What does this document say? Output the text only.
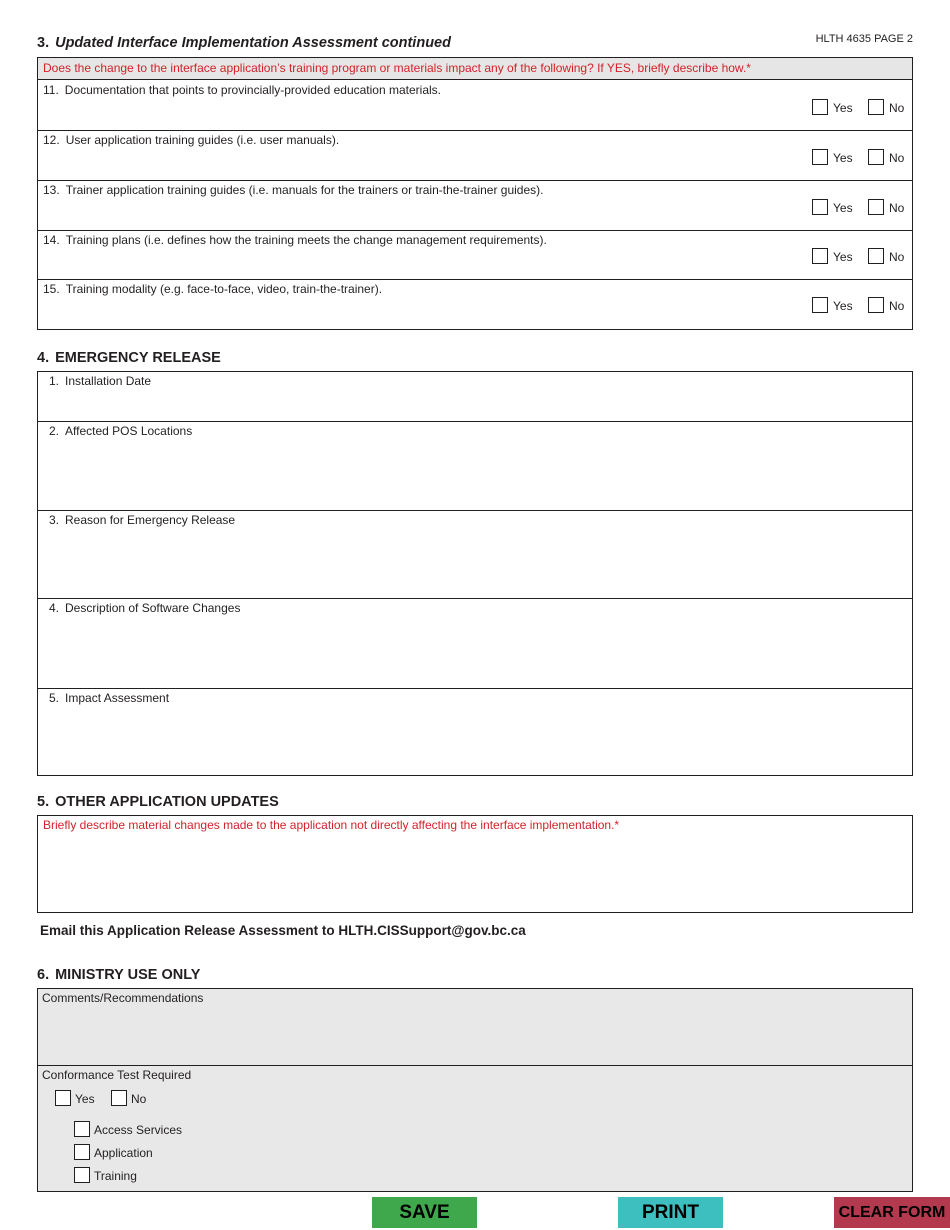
HLTH 4635 PAGE 2
3. Updated Interface Implementation Assessment continued
Does the change to the interface application’s training program or materials impact any of the following? If YES, briefly describe how.*
11. Documentation that points to provincially-provided education materials.
Yes	No
12. User application training guides (i.e. user manuals).
Yes	No
13. Trainer application training guides (i.e. manuals for the trainers or train-the-trainer guides).
Yes	No
14. Training plans (i.e. defines how the training meets the change management requirements).
Yes	No
15. Training modality (e.g. face-to-face, video, train-the-trainer).
Yes	No
4. EMERGENCY RELEASE
1. Installation Date
2. Affected POS Locations
3. Reason for Emergency Release
4. Description of Software Changes
5. Impact Assessment
5. OTHER APPLICATION UPDATES
Briefly describe material changes made to the application not directly affecting the interface implementation.*
Email this Application Release Assessment to HLTH.CISSupport@gov.bc.ca
6. MINISTRY USE ONLY
Comments/Recommendations
Conformance Test Required
Yes	No
Access Services
Application
Training
SAVE	PRINT	CLEAR FORM
